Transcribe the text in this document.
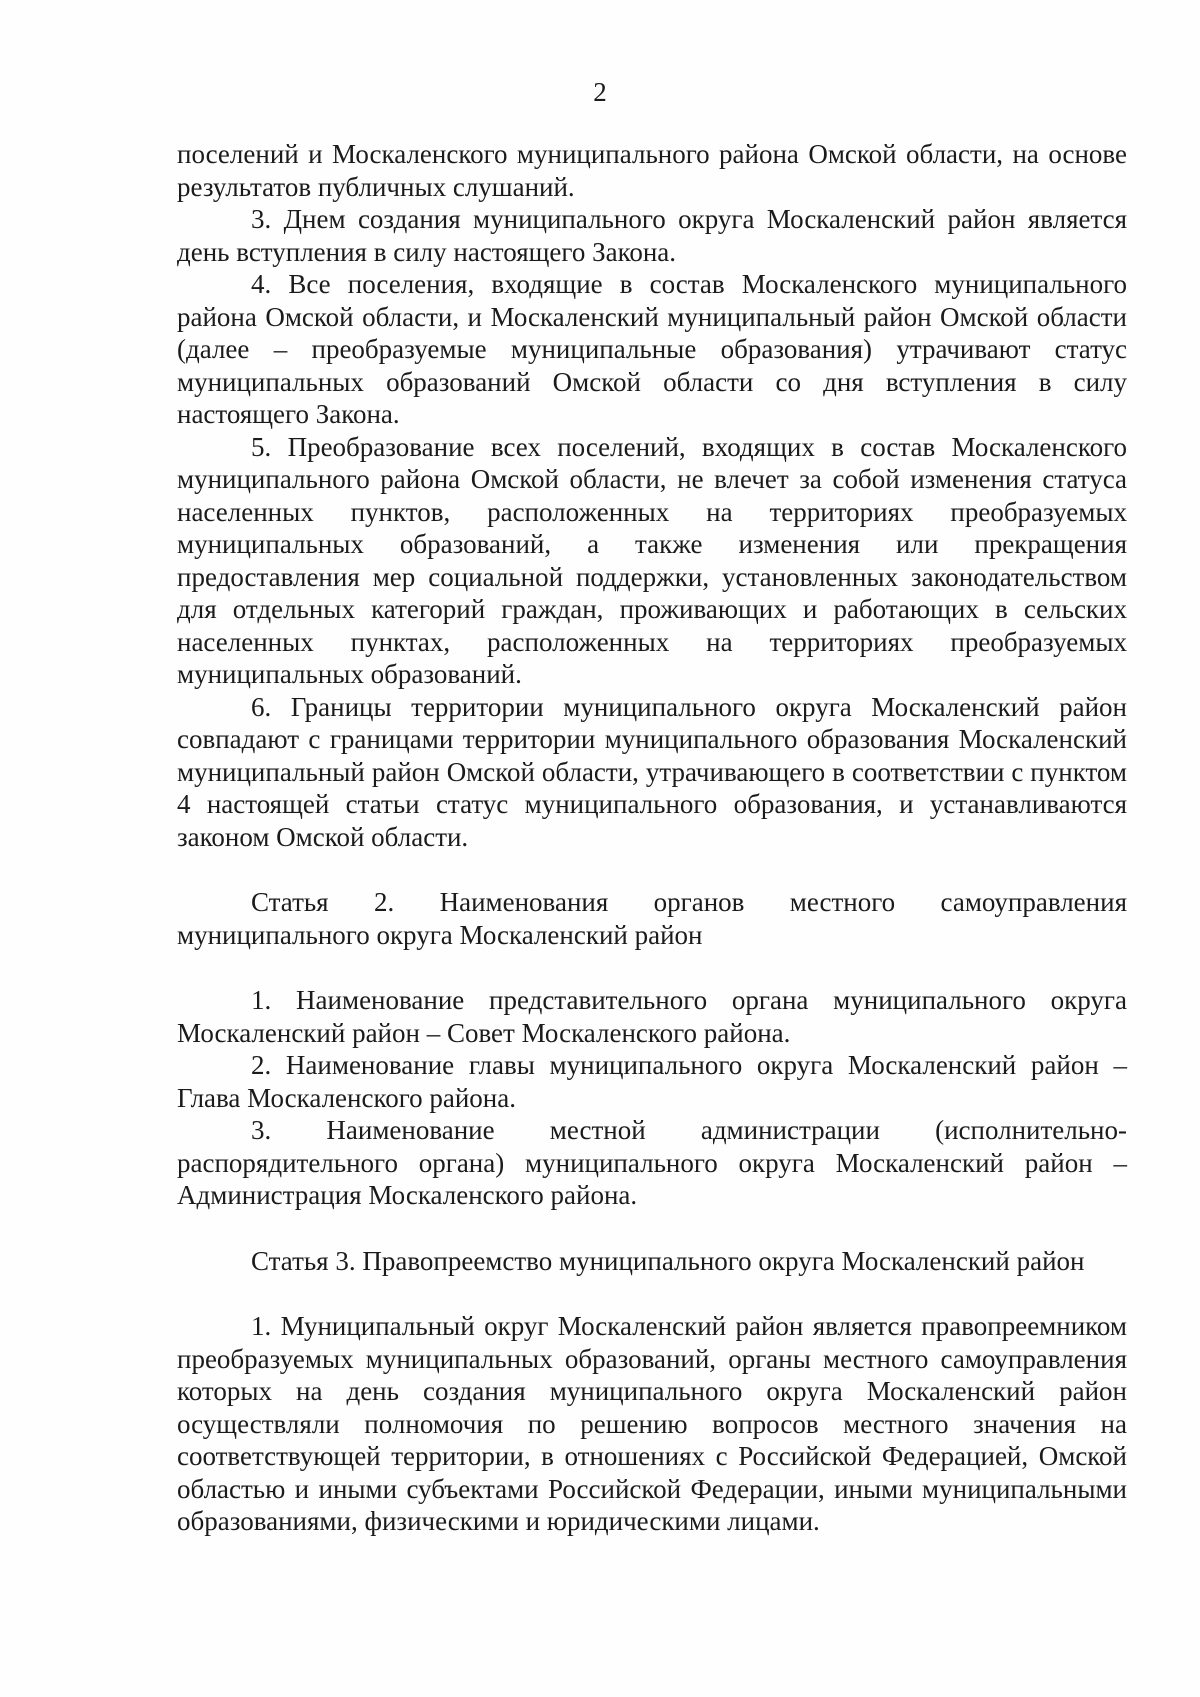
2

поселений и Москаленского муниципального района Омской области, на основе результатов публичных слушаний.

3. Днем создания муниципального округа Москаленский район является день вступления в силу настоящего Закона.

4. Все поселения, входящие в состав Москаленского муниципального района Омской области, и Москаленский муниципальный район Омской области (далее – преобразуемые муниципальные образования) утрачивают статус муниципальных образований Омской области со дня вступления в силу настоящего Закона.

5. Преобразование всех поселений, входящих в состав Москаленского муниципального района Омской области, не влечет за собой изменения статуса населенных пунктов, расположенных на территориях преобразуемых муниципальных образований, а также изменения или прекращения предоставления мер социальной поддержки, установленных законодательством для отдельных категорий граждан, проживающих и работающих в сельских населенных пунктах, расположенных на территориях преобразуемых муниципальных образований.

6. Границы территории муниципального округа Москаленский район совпадают с границами территории муниципального образования Москаленский муниципальный район Омской области, утрачивающего в соответствии с пунктом 4 настоящей статьи статус муниципального образования, и устанавливаются законом Омской области.

Статья 2. Наименования органов местного самоуправления муниципального округа Москаленский район

1. Наименование представительного органа муниципального округа Москаленский район – Совет Москаленского района.

2. Наименование главы муниципального округа Москаленский район – Глава Москаленского района.

3. Наименование местной администрации (исполнительно-распорядительного органа) муниципального округа Москаленский район – Администрация Москаленского района.

Статья 3. Правопреемство муниципального округа Москаленский район

1. Муниципальный округ Москаленский район является правопреемником преобразуемых муниципальных образований, органы местного самоуправления которых на день создания муниципального округа Москаленский район осуществляли полномочия по решению вопросов местного значения на соответствующей территории, в отношениях с Российской Федерацией, Омской областью и иными субъектами Российской Федерации, иными муниципальными образованиями, физическими и юридическими лицами.
